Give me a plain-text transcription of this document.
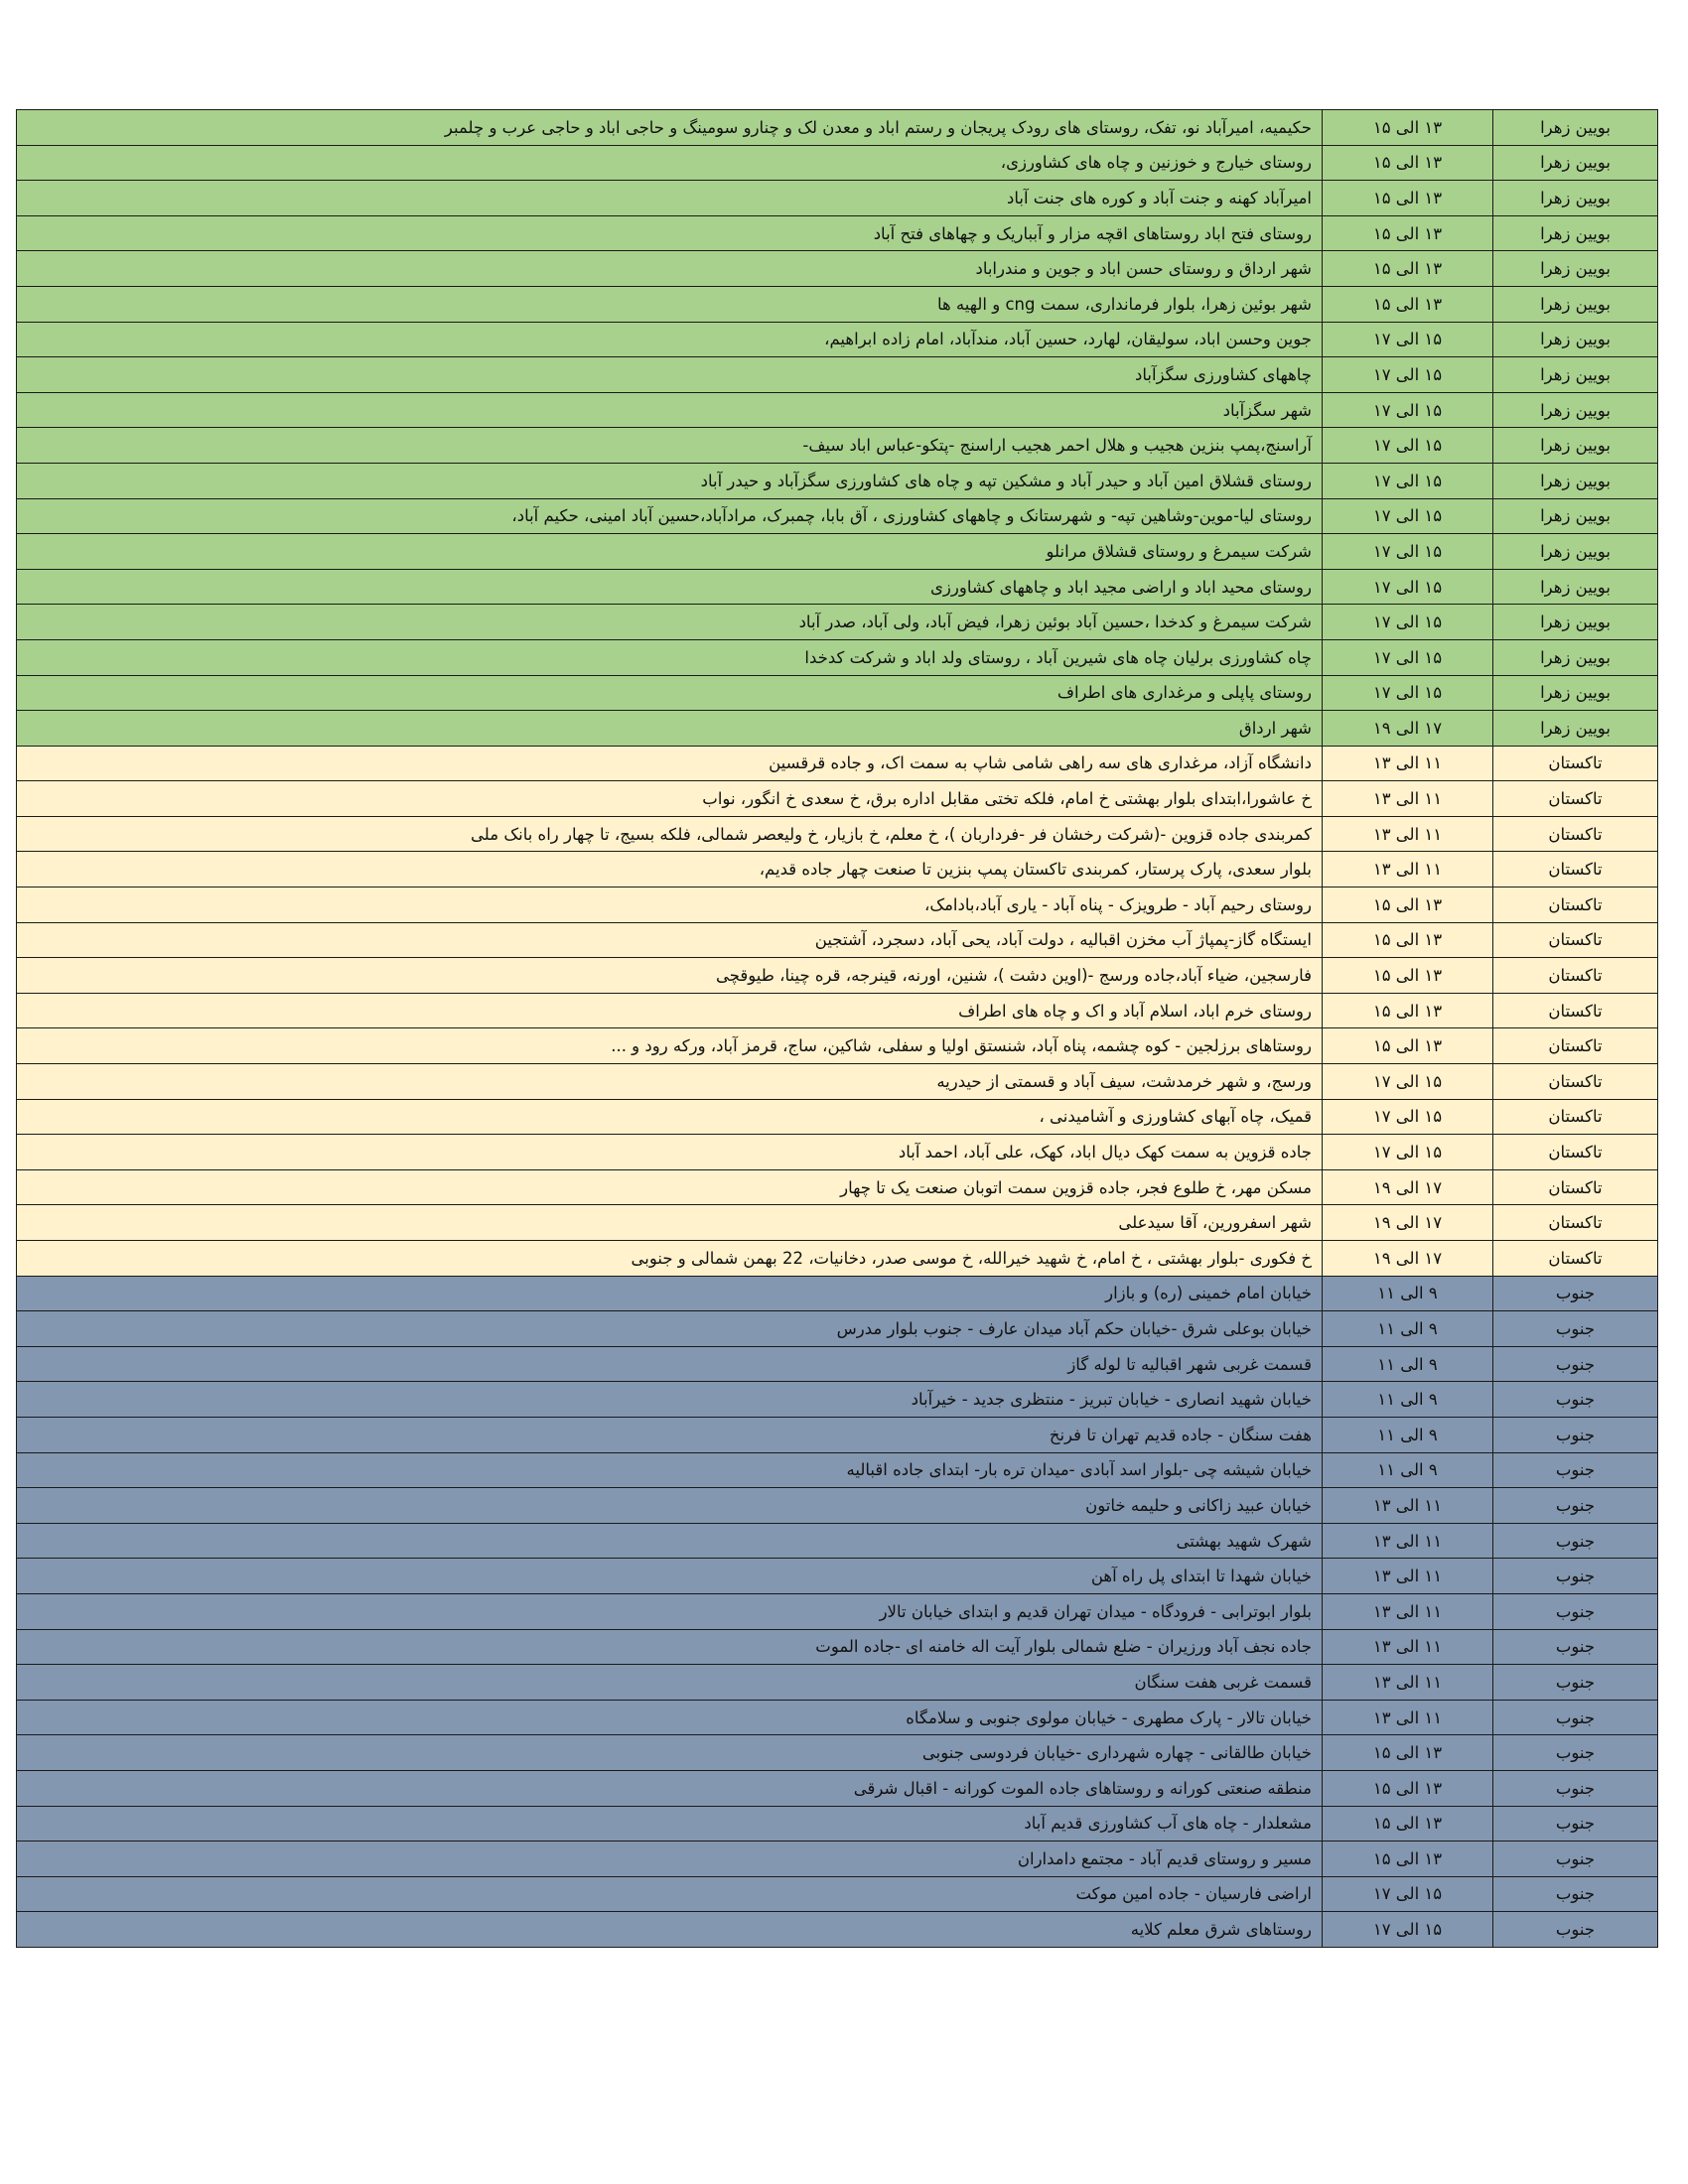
بویین زهرا	۱۳ الی ۱۵	حکیمیه، امیرآباد نو، تفک، روستای های رودک پریجان و رستم اباد و معدن لک و چنارو سومینگ و حاجی اباد و حاجی عرب و چلمبر
بویین زهرا	۱۳ الی ۱۵	روستای خیارج و خوزنین و چاه های کشاورزی،
بویین زهرا	۱۳ الی ۱۵	امیرآباد کهنه و جنت آباد و کوره های جنت آباد
بویین زهرا	۱۳ الی ۱۵	روستای فتح اباد روستاهای اقچه مزار و آبباریک و چهاهای فتح آباد
بویین زهرا	۱۳ الی ۱۵	شهر ارداق و روستای حسن اباد و جوین و مندراباد
بویین زهرا	۱۳ الی ۱۵	شهر بوئین زهرا، بلوار فرمانداری، سمت cng و الهیه ها
بویین زهرا	۱۵ الی ۱۷	جوین وحسن اباد، سولیقان، لهارد، حسین آباد، مندآباد، امام زاده ابراهیم،
بویین زهرا	۱۵ الی ۱۷	چاههای کشاورزی سگزآباد
بویین زهرا	۱۵ الی ۱۷	شهر سگزآباد
بویین زهرا	۱۵ الی ۱۷	آراسنج،پمپ بنزین هجیب و هلال احمر هجیب اراسنج -پتکو-عباس اباد سیف-
بویین زهرا	۱۵ الی ۱۷	روستای قشلاق امین آباد و حیدر آباد و مشکین تپه و چاه های کشاورزی سگزآباد و حیدر آباد
بویین زهرا	۱۵ الی ۱۷	روستای لیا-موین-وشاهین تپه- و شهرستانک و چاههای کشاورزی ، آق بابا، چمبرک، مرادآباد،حسین آباد امینی، حکیم آباد،
بویین زهرا	۱۵ الی ۱۷	شرکت سیمرغ و روستای قشلاق مرانلو
بویین زهرا	۱۵ الی ۱۷	روستای محید اباد و اراضی مجید اباد و چاههای کشاورزی
بویین زهرا	۱۵ الی ۱۷	شرکت سیمرغ و کدخدا ،حسین آباد بوئین زهرا، فیض آباد، ولی آباد، صدر آباد
بویین زهرا	۱۵ الی ۱۷	چاه کشاورزی برلیان چاه های شیرین آباد ، روستای ولد اباد و شرکت کدخدا
بویین زهرا	۱۵ الی ۱۷	روستای پاپلی و مرغداری های اطراف
بویین زهرا	۱۷ الی ۱۹	شهر ارداق
تاکستان	۱۱ الی ۱۳	دانشگاه آزاد، مرغداری های سه راهی شامی شاپ به سمت اک، و جاده قرقسین
تاکستان	۱۱ الی ۱۳	خ عاشورا،ابتدای بلوار بهشتی خ امام، فلکه تختی مقابل اداره برق، خ سعدی خ انگور، نواب
تاکستان	۱۱ الی ۱۳	کمربندی جاده قزوین -(شرکت رخشان فر -فرداربان )، خ معلم، خ بازیار، خ ولیعصر شمالی، فلکه بسیج، تا چهار راه بانک ملی
تاکستان	۱۱ الی ۱۳	بلوار سعدی، پارک پرستار، کمربندی تاکستان پمپ بنزین تا صنعت چهار جاده قدیم،
تاکستان	۱۳ الی ۱۵	روستای رحیم آباد - طرویزک - پناه آباد - یاری آباد،بادامک،
تاکستان	۱۳ الی ۱۵	ایستگاه گاز-پمپاژ آب مخزن اقبالیه ، دولت آباد، یحی آباد، دسجرد، آشتجین
تاکستان	۱۳ الی ۱۵	فارسجین، ضیاء آباد،جاده ورسج -(اوین دشت )، شنین، اورنه، قینرجه، قره چینا، طیوقچی
تاکستان	۱۳ الی ۱۵	روستای خرم اباد، اسلام آباد و اک و چاه های اطراف
تاکستان	۱۳ الی ۱۵	روستاهای برزلجین - کوه چشمه، پناه آباد، شنستق اولیا و سفلی، شاکین، ساج، قرمز آباد، ورکه رود و ...
تاکستان	۱۵ الی ۱۷	ورسج، و شهر خرمدشت، سیف آباد و قسمتی از حیدریه
تاکستان	۱۵ الی ۱۷	قمیک، چاه آبهای کشاورزی و آشامیدنی ،
تاکستان	۱۵ الی ۱۷	جاده قزوین به سمت کهک دیال اباد، کهک، علی آباد، احمد آباد
تاکستان	۱۷ الی ۱۹	مسکن مهر، خ طلوع فجر، جاده قزوین سمت اتوبان صنعت یک تا چهار
تاکستان	۱۷ الی ۱۹	شهر اسفرورین، آقا سیدعلی
تاکستان	۱۷ الی ۱۹	خ فکوری -بلوار بهشتی ، خ امام، خ شهید خیرالله، خ موسی صدر، دخانیات، 22 بهمن شمالی و جنوبی
جنوب	۹ الی ۱۱	خیابان امام خمینی (ره) و بازار
جنوب	۹ الی ۱۱	خیابان بوعلی شرق -خیابان حکم آباد میدان عارف - جنوب بلوار مدرس
جنوب	۹ الی ۱۱	قسمت غربی شهر اقبالیه تا لوله گاز
جنوب	۹ الی ۱۱	خیابان شهید انصاری - خیابان تبریز - منتظری جدید - خیرآباد
جنوب	۹ الی ۱۱	هفت سنگان - جاده قدیم تهران تا فرنخ
جنوب	۹ الی ۱۱	خیابان شیشه چی -بلوار اسد آبادی -میدان تره بار- ابتدای جاده اقبالیه
جنوب	۱۱ الی ۱۳	خیابان عبید زاکانی و حلیمه خاتون
جنوب	۱۱ الی ۱۳	شهرک شهید بهشتی
جنوب	۱۱ الی ۱۳	خیابان شهدا تا ابتدای پل راه آهن
جنوب	۱۱ الی ۱۳	بلوار ابوترابی - فرودگاه - میدان تهران قدیم و ابتدای خیابان تالار
جنوب	۱۱ الی ۱۳	جاده نجف آباد ورزیران - ضلع شمالی بلوار آیت اله خامنه ای -جاده الموت
جنوب	۱۱ الی ۱۳	قسمت غربی هفت سنگان
جنوب	۱۱ الی ۱۳	خیابان تالار - پارک مطهری - خیابان مولوی جنوبی و سلامگاه
جنوب	۱۳ الی ۱۵	خیابان طالقانی - چهاره شهرداری -خیابان فردوسی جنوبی
جنوب	۱۳ الی ۱۵	منطقه صنعتی کورانه و روستاهای جاده الموت کورانه - اقبال شرقی
جنوب	۱۳ الی ۱۵	مشعلدار - چاه های آب کشاورزی قدیم آباد
جنوب	۱۳ الی ۱۵	مسیر و روستای قدیم آباد - مجتمع دامداران
جنوب	۱۵ الی ۱۷	اراضی فارسیان - جاده امین موکت
جنوب	۱۵ الی ۱۷	روستاهای شرق معلم کلایه
